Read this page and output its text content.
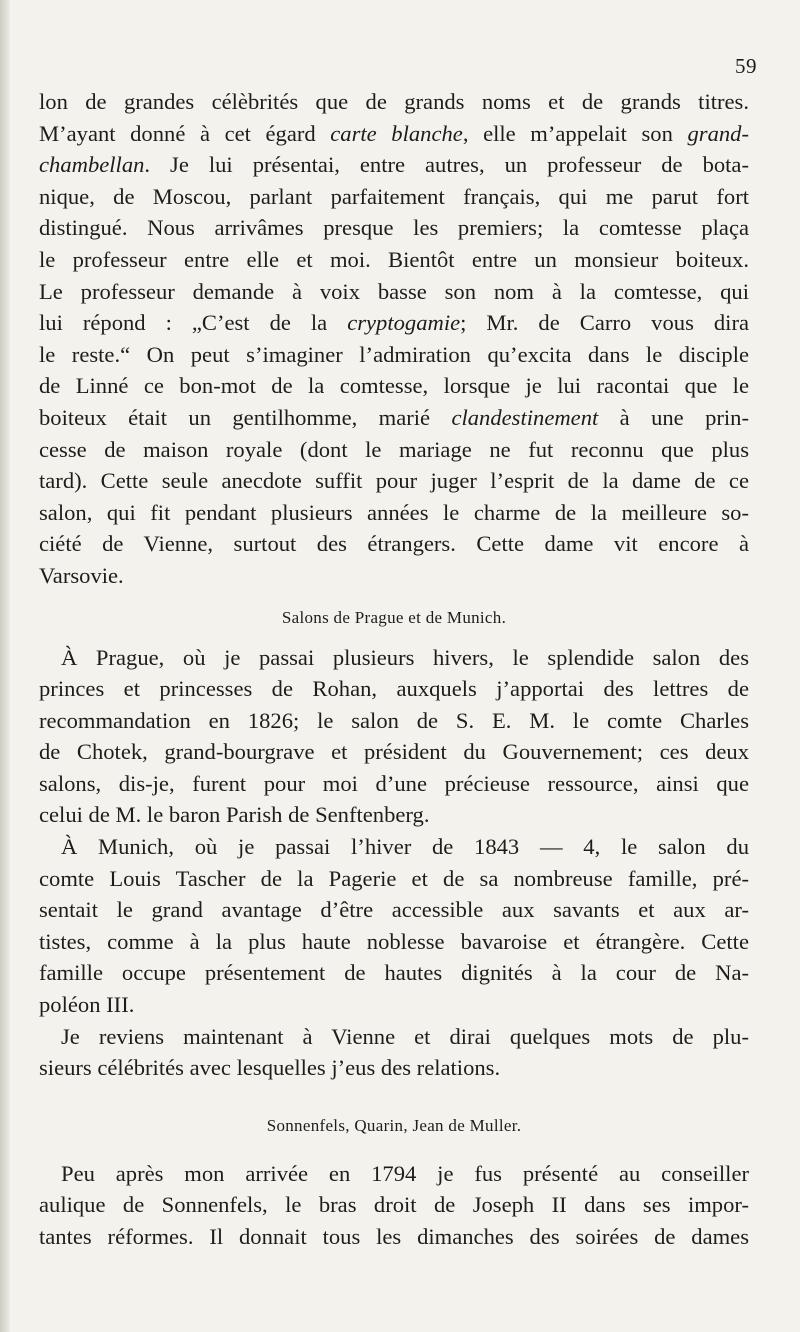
59
lon de grandes célèbrités que de grands noms et de grands titres.
M’ayant donné à cet égard carte blanche, elle m’appelait son grand-
chambellan. Je lui présentai, entre autres, un professeur de bota-
nique, de Moscou, parlant parfaitement français, qui me parut fort
distingué. Nous arrivâmes presque les premiers; la comtesse plaça
le professeur entre elle et moi. Bientôt entre un monsieur boiteux.
Le professeur demande à voix basse son nom à la comtesse, qui
lui répond : „C’est de la cryptogamie; Mr. de Carro vous dira
le reste.“ On peut s’imaginer l’admiration qu’excita dans le disciple
de Linné ce bon-mot de la comtesse, lorsque je lui racontai que le
boiteux était un gentilhomme, marié clandestinement à une prin-
cesse de maison royale (dont le mariage ne fut reconnu que plus
tard). Cette seule anecdote suffit pour juger l’esprit de la dame de ce
salon, qui fit pendant plusieurs années le charme de la meilleure so-
ciété de Vienne, surtout des étrangers. Cette dame vit encore à
Varsovie.
Salons de Prague et de Munich.
À Prague, où je passai plusieurs hivers, le splendide salon des
princes et princesses de Rohan, auxquels j’apportai des lettres de
recommandation en 1826; le salon de S. E. M. le comte Charles
de Chotek, grand-bourgrave et président du Gouvernement; ces deux
salons, dis-je, furent pour moi d’une précieuse ressource, ainsi que
celui de M. le baron Parish de Senftenberg.
À Munich, où je passai l’hiver de 1843 — 4, le salon du
comte Louis Tascher de la Pagerie et de sa nombreuse famille, pré-
sentait le grand avantage d’être accessible aux savants et aux ar-
tistes, comme à la plus haute noblesse bavaroise et étrangère. Cette
famille occupe présentement de hautes dignités à la cour de Na-
poléon III.
Je reviens maintenant à Vienne et dirai quelques mots de plu-
sieurs célébrités avec lesquelles j’eus des relations.
Sonnenfels, Quarin, Jean de Muller.
Peu après mon arrivée en 1794 je fus présenté au conseiller
aulique de Sonnenfels, le bras droit de Joseph II dans ses impor-
tantes réformes. Il donnait tous les dimanches des soirées de dames
